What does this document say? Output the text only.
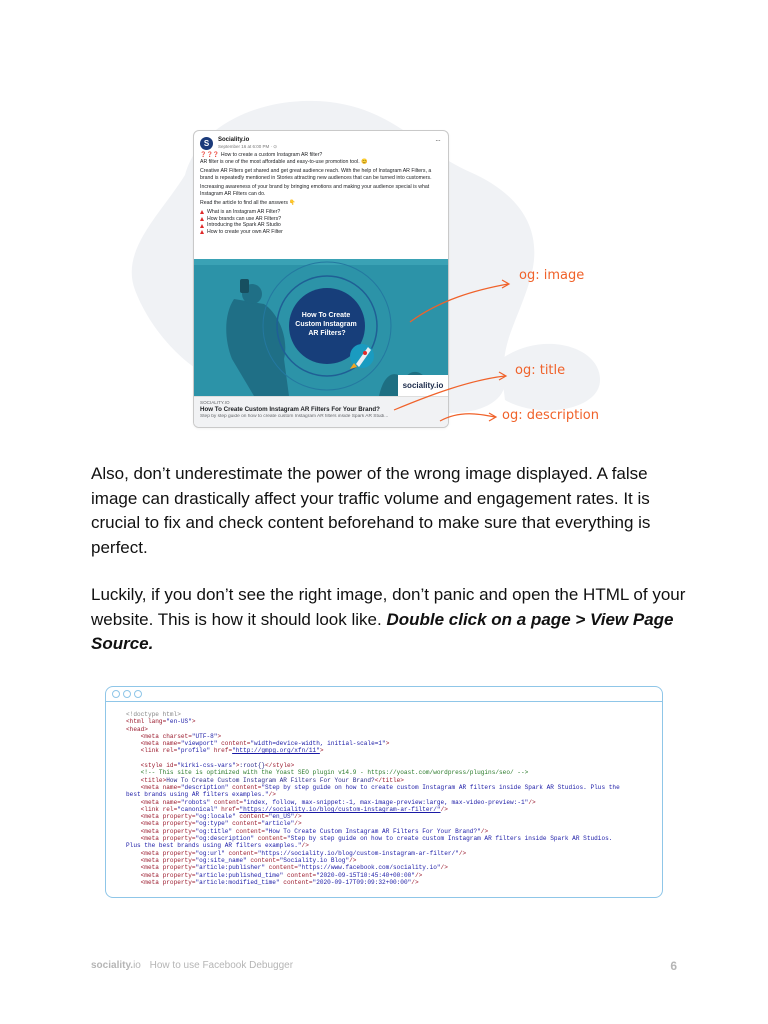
S	Sociality.io
September 16 at 6:00 PM · ⊙
···

❓❓❓ How to create a custom Instagram AR filter?
AR filter is one of the most affordable and easy-to-use promotion tool. 😊

Creative AR Filters get shared and get great audience reach. With the help of Instagram AR Filters, a brand is repeatedly mentioned in Stories attracting new audiences that can be turned into customers.

Increasing awareness of your brand by bringing emotions and making your audience special is what Instagram AR Filters can do.

Read the article to find all the answers 👇

What is an Instagram AR Filter?
How brands can use AR Filters?
Introducing the Spark AR Studio
How to create your own AR Filter
How To Create Custom Instagram AR Filters?
sociality.io
SOCIALITY.IO
How To Create Custom Instagram AR Filters For Your Brand?
Step by step guide on how to create custom Instagram AR filters inside Spark AR Studi...
og: image
og: title
og: description

Also, don’t underestimate the power of the wrong image displayed. A false image can drastically affect your traffic volume and engagement rates. It is crucial to fix and check content beforehand to make sure that everything is perfect.

Luckily, if you don’t see the right image, don’t panic and open the HTML of your website. This is how it should look like. Double click on a page > View Page Source.

<!doctype html>
<html lang="en-US">
<head>
<meta charset="UTF-8">
<meta name="viewport" content="width=device-width, initial-scale=1">
<link rel="profile" href="http://gmpg.org/xfn/11">

<style id="kirki-css-vars">:root{}</style>
<!-- This site is optimized with the Yoast SEO plugin v14.9 - https://yoast.com/wordpress/plugins/seo/ -->
<title>How To Create Custom Instagram AR Filters For Your Brand?</title>
<meta name="description" content="Step by step guide on how to create custom Instagram AR filters inside Spark AR Studios. Plus the
best brands using AR filters examples."/>
<meta name="robots" content="index, follow, max-snippet:-1, max-image-preview:large, max-video-preview:-1"/>
<link rel="canonical" href="https://sociality.io/blog/custom-instagram-ar-filter/"/>
<meta property="og:locale" content="en_US"/>
<meta property="og:type" content="article"/>
<meta property="og:title" content="How To Create Custom Instagram AR Filters For Your Brand?"/>
<meta property="og:description" content="Step by step guide on how to create custom Instagram AR filters inside Spark AR Studios.
Plus the best brands using AR filters examples."/>
<meta property="og:url" content="https://sociality.io/blog/custom-instagram-ar-filter/"/>
<meta property="og:site_name" content="Sociality.io Blog"/>
<meta property="article:publisher" content="https://www.facebook.com/sociality.io"/>
<meta property="article:published_time" content="2020-09-15T10:45:40+00:00"/>
<meta property="article:modified_time" content="2020-09-17T09:09:32+00:00"/>
sociality.io How to use Facebook Debugger	6
